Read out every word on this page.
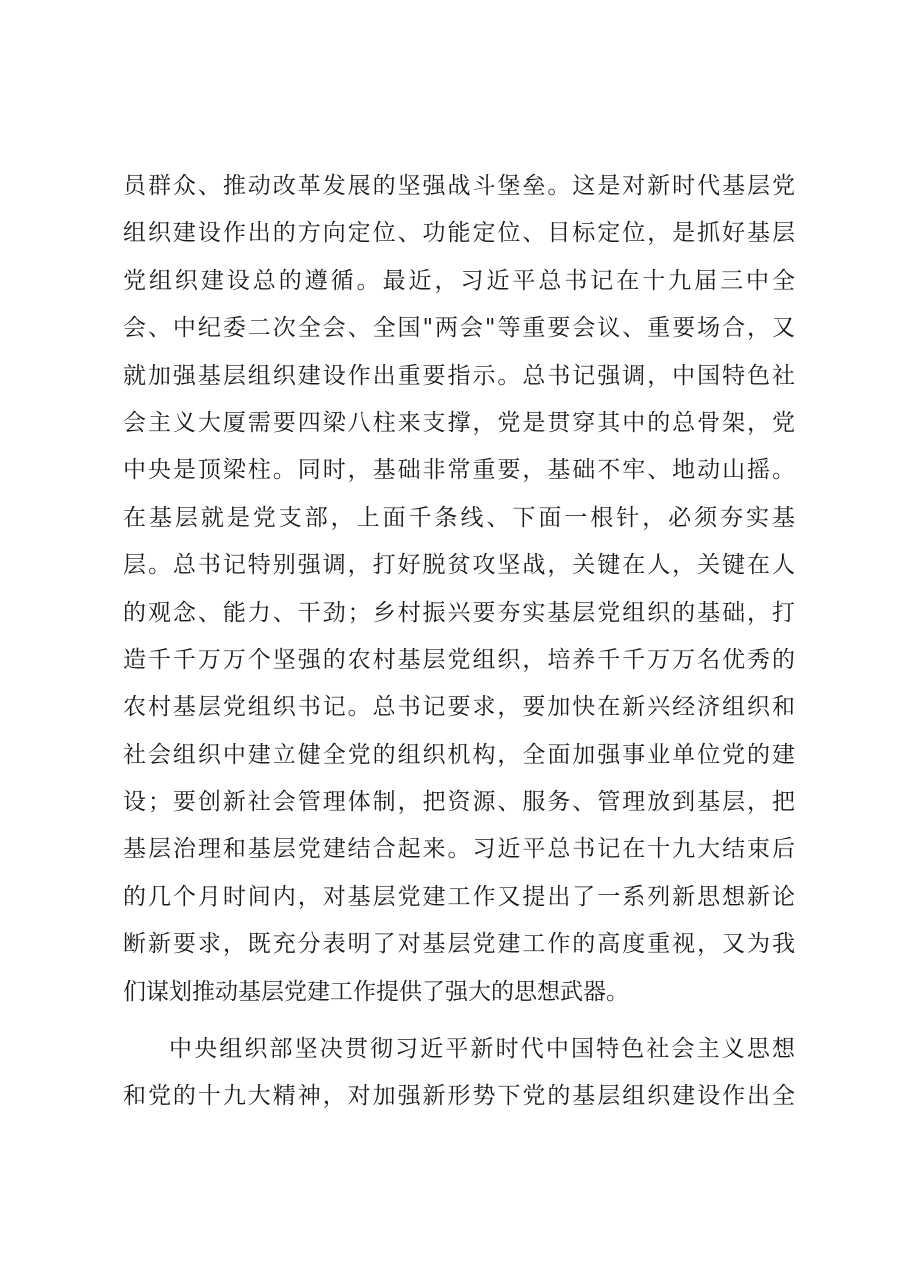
员群众、推动改革发展的坚强战斗堡垒。这是对新时代基层党
组织建设作出的方向定位、功能定位、目标定位，是抓好基层
党组织建设总的遵循。最近，习近平总书记在十九届三中全
会、中纪委二次全会、全国"两会"等重要会议、重要场合，又
就加强基层组织建设作出重要指示。总书记强调，中国特色社
会主义大厦需要四梁八柱来支撑，党是贯穿其中的总骨架，党
中央是顶梁柱。同时，基础非常重要，基础不牢、地动山摇。
在基层就是党支部，上面千条线、下面一根针，必须夯实基
层。总书记特别强调，打好脱贫攻坚战，关键在人，关键在人
的观念、能力、干劲；乡村振兴要夯实基层党组织的基础，打
造千千万万个坚强的农村基层党组织，培养千千万万名优秀的
农村基层党组织书记。总书记要求，要加快在新兴经济组织和
社会组织中建立健全党的组织机构，全面加强事业单位党的建
设；要创新社会管理体制，把资源、服务、管理放到基层，把
基层治理和基层党建结合起来。习近平总书记在十九大结束后
的几个月时间内，对基层党建工作又提出了一系列新思想新论
断新要求，既充分表明了对基层党建工作的高度重视，又为我
们谋划推动基层党建工作提供了强大的思想武器。
中央组织部坚决贯彻习近平新时代中国特色社会主义思想
和党的十九大精神，对加强新形势下党的基层组织建设作出全
